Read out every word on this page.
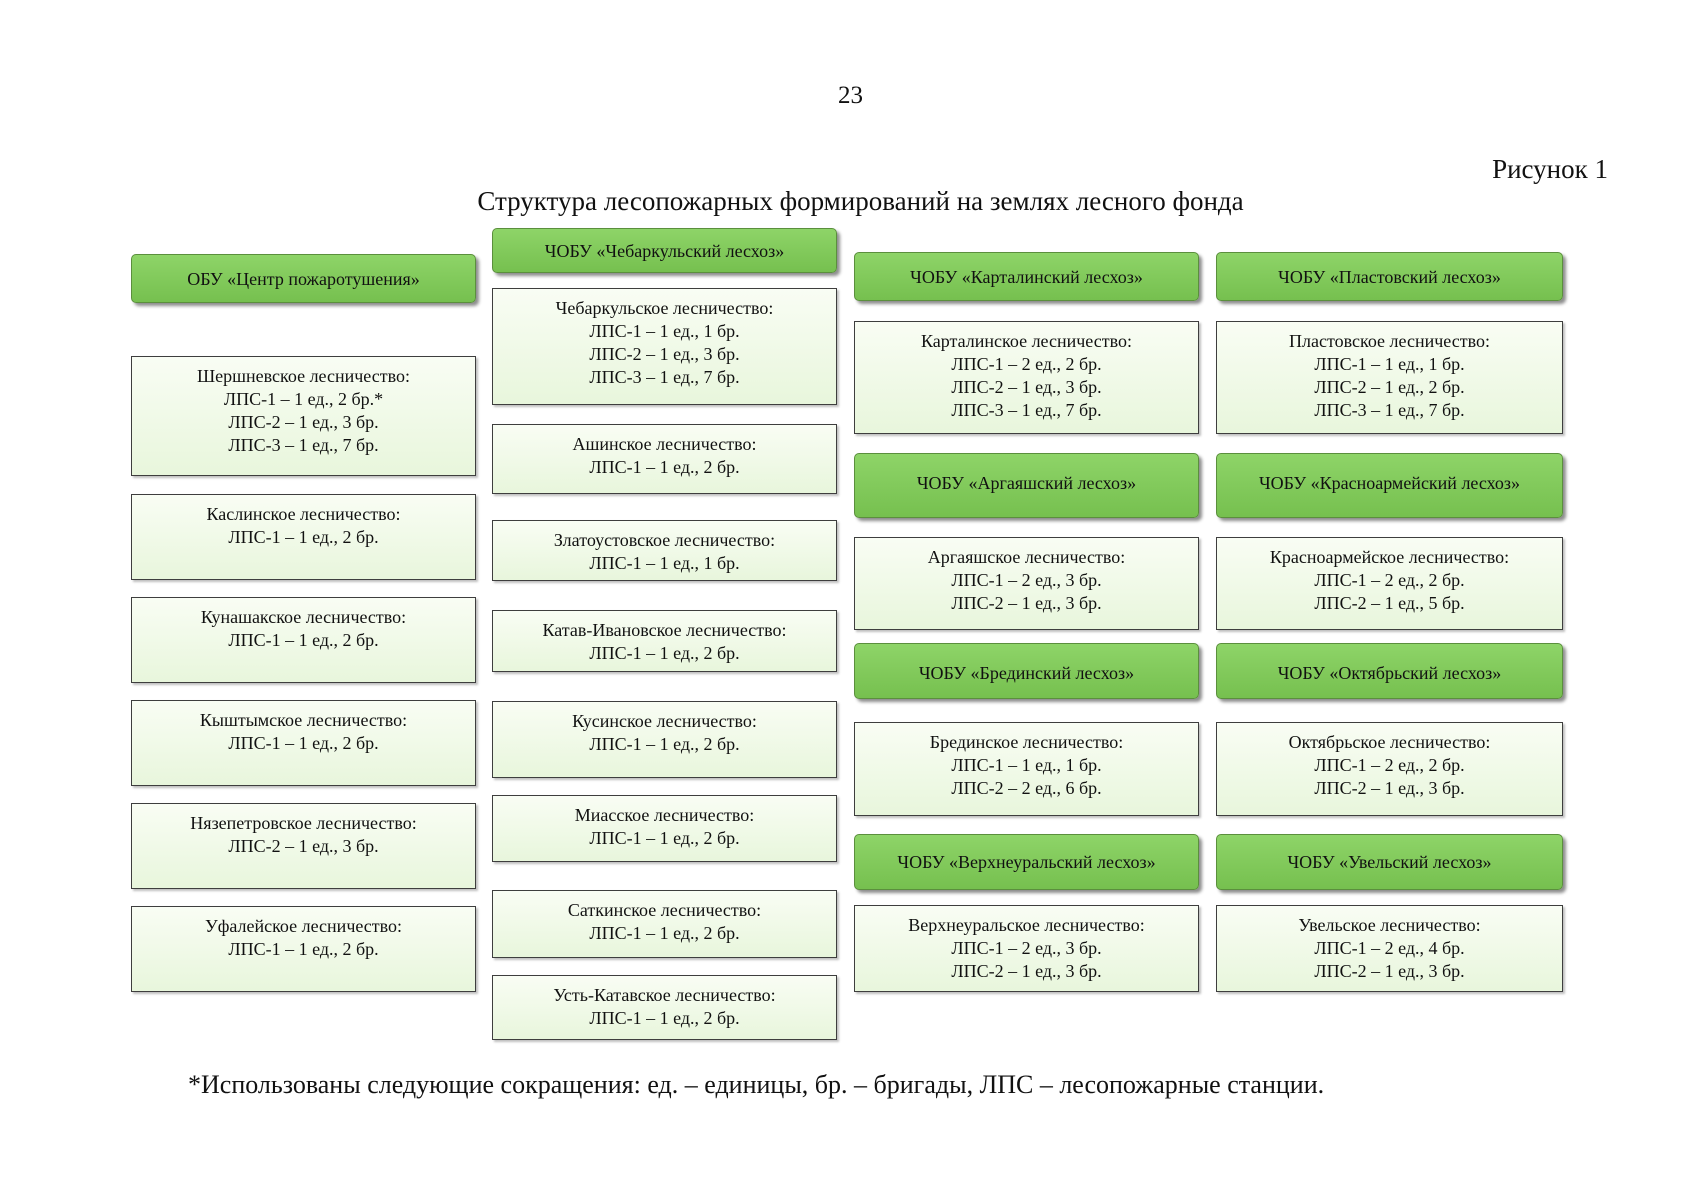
23
Рисунок 1
Структура лесопожарных формирований на землях лесного фонда
ОБУ «Центр пожаротушения»
Шершневское лесничество:
ЛПС-1 – 1 ед., 2 бр.*
ЛПС-2 – 1 ед., 3 бр.
ЛПС-3 – 1 ед., 7 бр.
Каслинское лесничество:
ЛПС-1 – 1 ед., 2 бр.
Кунашакское лесничество:
ЛПС-1 – 1 ед., 2 бр.
Кыштымское лесничество:
ЛПС-1 – 1 ед., 2 бр.
Нязепетровское лесничество:
ЛПС-2 – 1 ед., 3 бр.
Уфалейское лесничество:
ЛПС-1 – 1 ед., 2 бр.
ЧОБУ «Чебаркульский лесхоз»
Чебаркульское лесничество:
ЛПС-1 – 1 ед., 1 бр.
ЛПС-2 – 1 ед., 3 бр.
ЛПС-3 – 1 ед., 7 бр.
Ашинское лесничество:
ЛПС-1 – 1 ед., 2 бр.
Златоустовское лесничество:
ЛПС-1 – 1 ед., 1 бр.
Катав-Ивановское лесничество:
ЛПС-1 – 1 ед., 2 бр.
Кусинское лесничество:
ЛПС-1 – 1 ед., 2 бр.
Миасское лесничество:
ЛПС-1 – 1 ед., 2 бр.
Саткинское лесничество:
ЛПС-1 – 1 ед., 2 бр.
Усть-Катавское лесничество:
ЛПС-1 – 1 ед., 2 бр.
ЧОБУ «Карталинский лесхоз»
Карталинское лесничество:
ЛПС-1 – 2 ед., 2 бр.
ЛПС-2 – 1 ед., 3 бр.
ЛПС-3 – 1 ед., 7 бр.
ЧОБУ «Аргаяшский лесхоз»
Аргаяшское лесничество:
ЛПС-1 – 2 ед., 3 бр.
ЛПС-2 – 1 ед., 3 бр.
ЧОБУ «Брединский лесхоз»
Брединское лесничество:
ЛПС-1 – 1 ед., 1 бр.
ЛПС-2 – 2 ед., 6 бр.
ЧОБУ «Верхнеуральский лесхоз»
Верхнеуральское лесничество:
ЛПС-1 – 2 ед., 3 бр.
ЛПС-2 – 1 ед., 3 бр.
ЧОБУ «Пластовский лесхоз»
Пластовское лесничество:
ЛПС-1 – 1 ед., 1 бр.
ЛПС-2 – 1 ед., 2 бр.
ЛПС-3 – 1 ед., 7 бр.
ЧОБУ «Красноармейский лесхоз»
Красноармейское лесничество:
ЛПС-1 – 2 ед., 2 бр.
ЛПС-2 – 1 ед., 5 бр.
ЧОБУ «Октябрьский лесхоз»
Октябрьское лесничество:
ЛПС-1 – 2 ед., 2 бр.
ЛПС-2 – 1 ед., 3 бр.
ЧОБУ «Увельский лесхоз»
Увельское лесничество:
ЛПС-1 – 2 ед., 4 бр.
ЛПС-2 – 1 ед., 3 бр.
*Использованы следующие сокращения: ед. – единицы, бр. – бригады, ЛПС – лесопожарные станции.
